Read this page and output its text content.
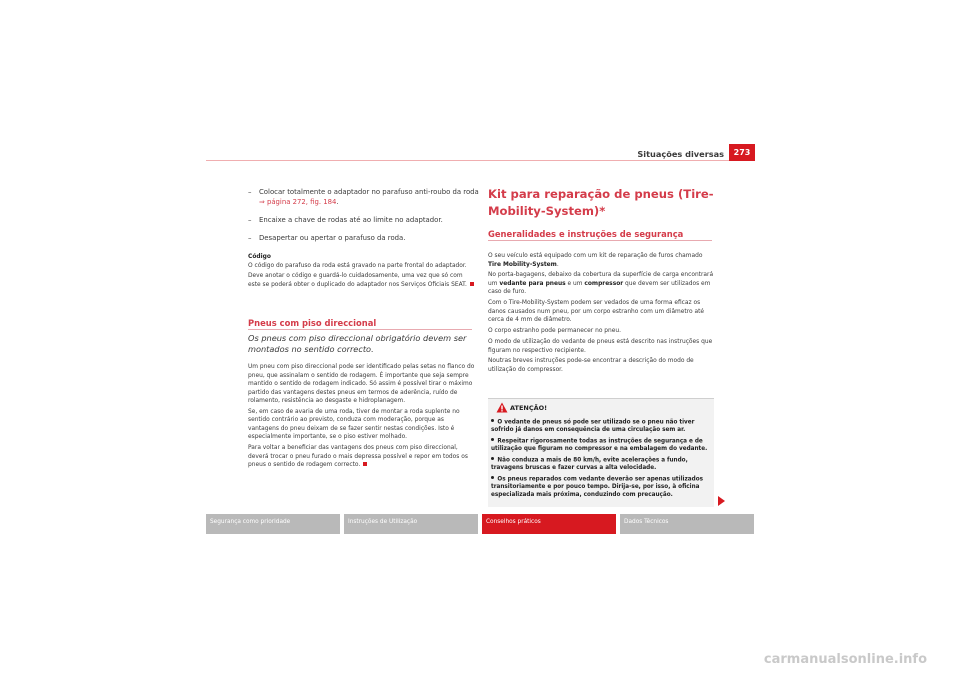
Situações diversas	273
– Colocar totalmente o adaptador no parafuso anti-roubo da roda
⇒ página 272, fig. 184.
– Encaixe a chave de rodas até ao limite no adaptador.
– Desapertar ou apertar o parafuso da roda.

Código
O código do parafuso da roda está gravado na parte frontal do adaptador.

Deve anotar o código e guardá-lo cuidadosamente, uma vez que só com este se poderá obter o duplicado do adaptador nos Serviços Oficiais SEAT.

Pneus com piso direccional
Os pneus com piso direccional obrigatório devem ser montados no sentido correcto.

Um pneu com piso direccional pode ser identificado pelas setas no flanco do pneu, que assinalam o sentido de rodagem. É importante que seja sempre mantido o sentido de rodagem indicado. Só assim é possível tirar o máximo partido das vantagens destes pneus em termos de aderência, ruído de rolamento, resistência ao desgaste e hidroplanagem.

Se, em caso de avaria de uma roda, tiver de montar a roda suplente no sentido contrário ao previsto, conduza com moderação, porque as vantagens do pneu deixam de se fazer sentir nestas condições. Isto é especialmente importante, se o piso estiver molhado.

Para voltar a beneficiar das vantagens dos pneus com piso direccional, deverá trocar o pneu furado o mais depressa possível e repor em todos os pneus o sentido de rodagem correcto.

Kit para reparação de pneus (Tire-Mobility-System)*
Generalidades e instruções de segurança

O seu veículo está equipado com um kit de reparação de furos chamado Tire Mobility-System.

No porta-bagagens, debaixo da cobertura da superfície de carga encontrará um vedante para pneus e um compressor que devem ser utilizados em caso de furo.

Com o Tire-Mobility-System podem ser vedados de uma forma eficaz os danos causados num pneu, por um corpo estranho com um diâmetro até cerca de 4 mm de diâmetro.

O corpo estranho pode permanecer no pneu.

O modo de utilização do vedante de pneus está descrito nas instruções que figuram no respectivo recipiente.

Noutras breves instruções pode-se encontrar a descrição do modo de utilização do compressor.

ATENÇÃO!
O vedante de pneus só pode ser utilizado se o pneu não tiver sofrido já danos em consequência de uma circulação sem ar.
Respeitar rigorosamente todas as instruções de segurança e de utilização que figuram no compressor e na embalagem do vedante.
Não conduza a mais de 80 km/h, evite acelerações a fundo, travagens bruscas e fazer curvas a alta velocidade.
Os pneus reparados com vedante deverão ser apenas utilizados transitoriamente e por pouco tempo. Dirija-se, por isso, à oficina especializada mais próxima, conduzindo com precaução.
Segurança como prioridade	Instruções de Utilização	Conselhos práticos	Dados Técnicos
carmanualsonline.info
